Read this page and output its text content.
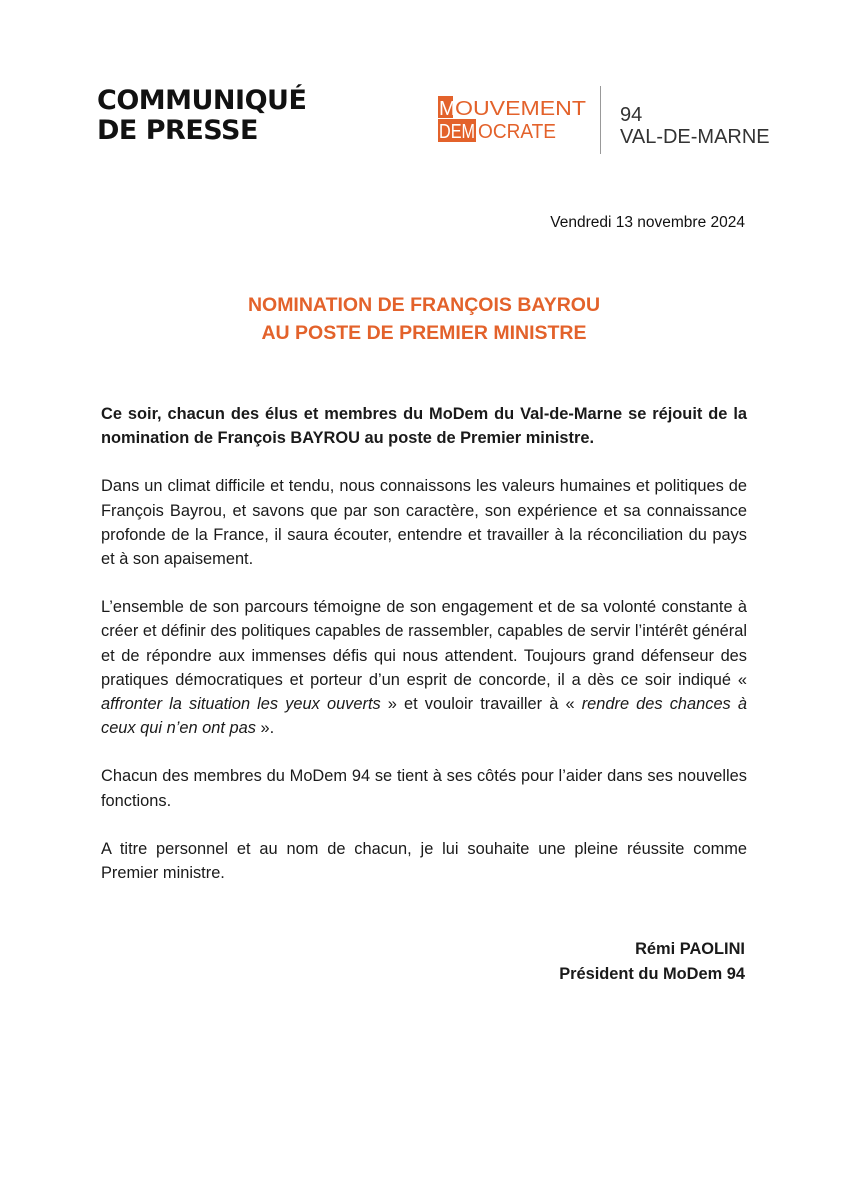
COMMUNIQUÉ
DE PRESSE
M OUVEMENT
DEM OCRATE
94
VAL-DE-MARNE
Vendredi 13 novembre 2024
NOMINATION DE FRANÇOIS BAYROU
AU POSTE DE PREMIER MINISTRE

Ce soir, chacun des élus et membres du MoDem du Val-de-Marne se réjouit de la nomination de François BAYROU au poste de Premier ministre.

Dans un climat difficile et tendu, nous connaissons les valeurs humaines et politiques de François Bayrou, et savons que par son caractère, son expérience et sa connaissance profonde de la France, il saura écouter, entendre et travailler à la réconciliation du pays et à son apaisement.

L’ensemble de son parcours témoigne de son engagement et de sa volonté constante à créer et définir des politiques capables de rassembler, capables de servir l’intérêt général et de répondre aux immenses défis qui nous attendent. Toujours grand défenseur des pratiques démocratiques et porteur d’un esprit de concorde, il a dès ce soir indiqué « affronter la situation les yeux ouverts » et vouloir travailler à « rendre des chances à ceux qui n’en ont pas ».

Chacun des membres du MoDem 94 se tient à ses côtés pour l’aider dans ses nouvelles fonctions.

A titre personnel et au nom de chacun, je lui souhaite une pleine réussite comme Premier ministre.

Rémi PAOLINI
Président du MoDem 94
